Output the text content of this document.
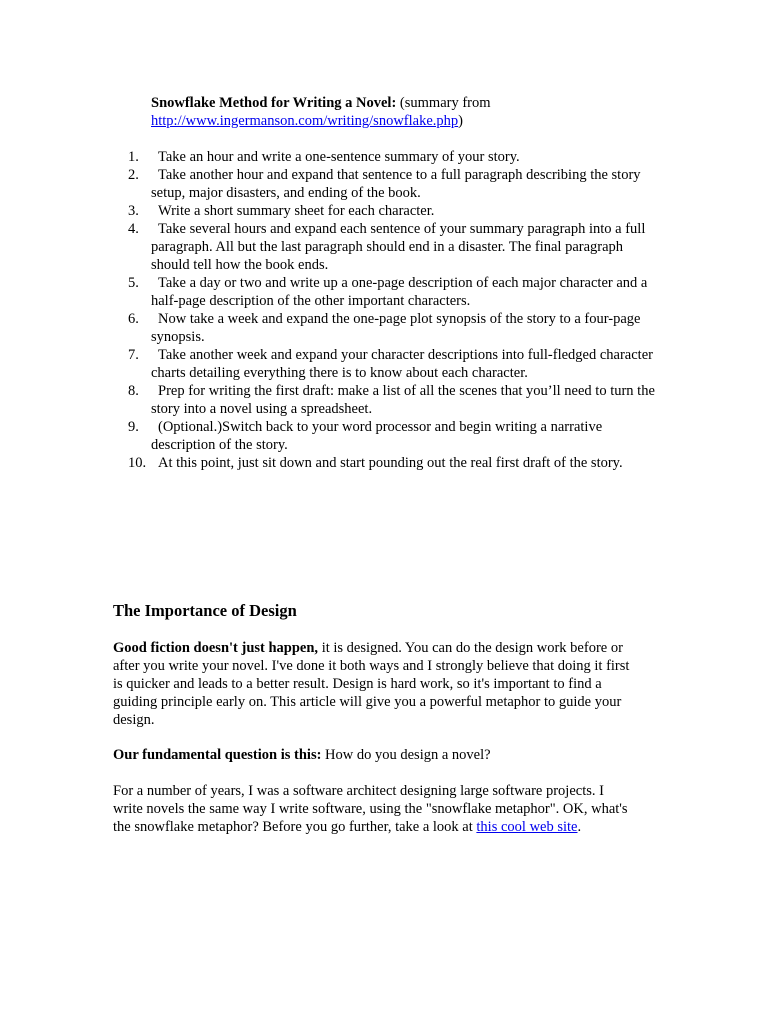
Snowflake Method for Writing a Novel: (summary from

http://www.ingermanson.com/writing/snowflake.php)

1.	Take an hour and write a one-sentence summary of your story.
2.	Take another hour and expand that sentence to a full paragraph describing the story setup, major disasters, and ending of the book.
3.	Write a short summary sheet for each character.
4.	Take several hours and expand each sentence of your summary paragraph into a full paragraph. All but the last paragraph should end in a disaster. The final paragraph should tell how the book ends.
5.	Take a day or two and write up a one-page description of each major character and a half-page description of the other important characters.
6.	Now take a week and expand the one-page plot synopsis of the story to a four-page synopsis.
7.	Take another week and expand your character descriptions into full-fledged character charts detailing everything there is to know about each character.
8.	Prep for writing the first draft: make a list of all the scenes that you’ll need to turn the story into a novel using a spreadsheet.
9.	(Optional.)Switch back to your word processor and begin writing a narrative description of the story.
10. At this point, just sit down and start pounding out the real first draft of the story.
The Importance of Design

Good fiction doesn't just happen, it is designed. You can do the design work before or after you write your novel. I've done it both ways and I strongly believe that doing it first is quicker and leads to a better result. Design is hard work, so it's important to find a guiding principle early on. This article will give you a powerful metaphor to guide your design.

Our fundamental question is this: How do you design a novel?

For a number of years, I was a software architect designing large software projects. I write novels the same way I write software, using the "snowflake metaphor". OK, what's the snowflake metaphor? Before you go further, take a look at this cool web site.
